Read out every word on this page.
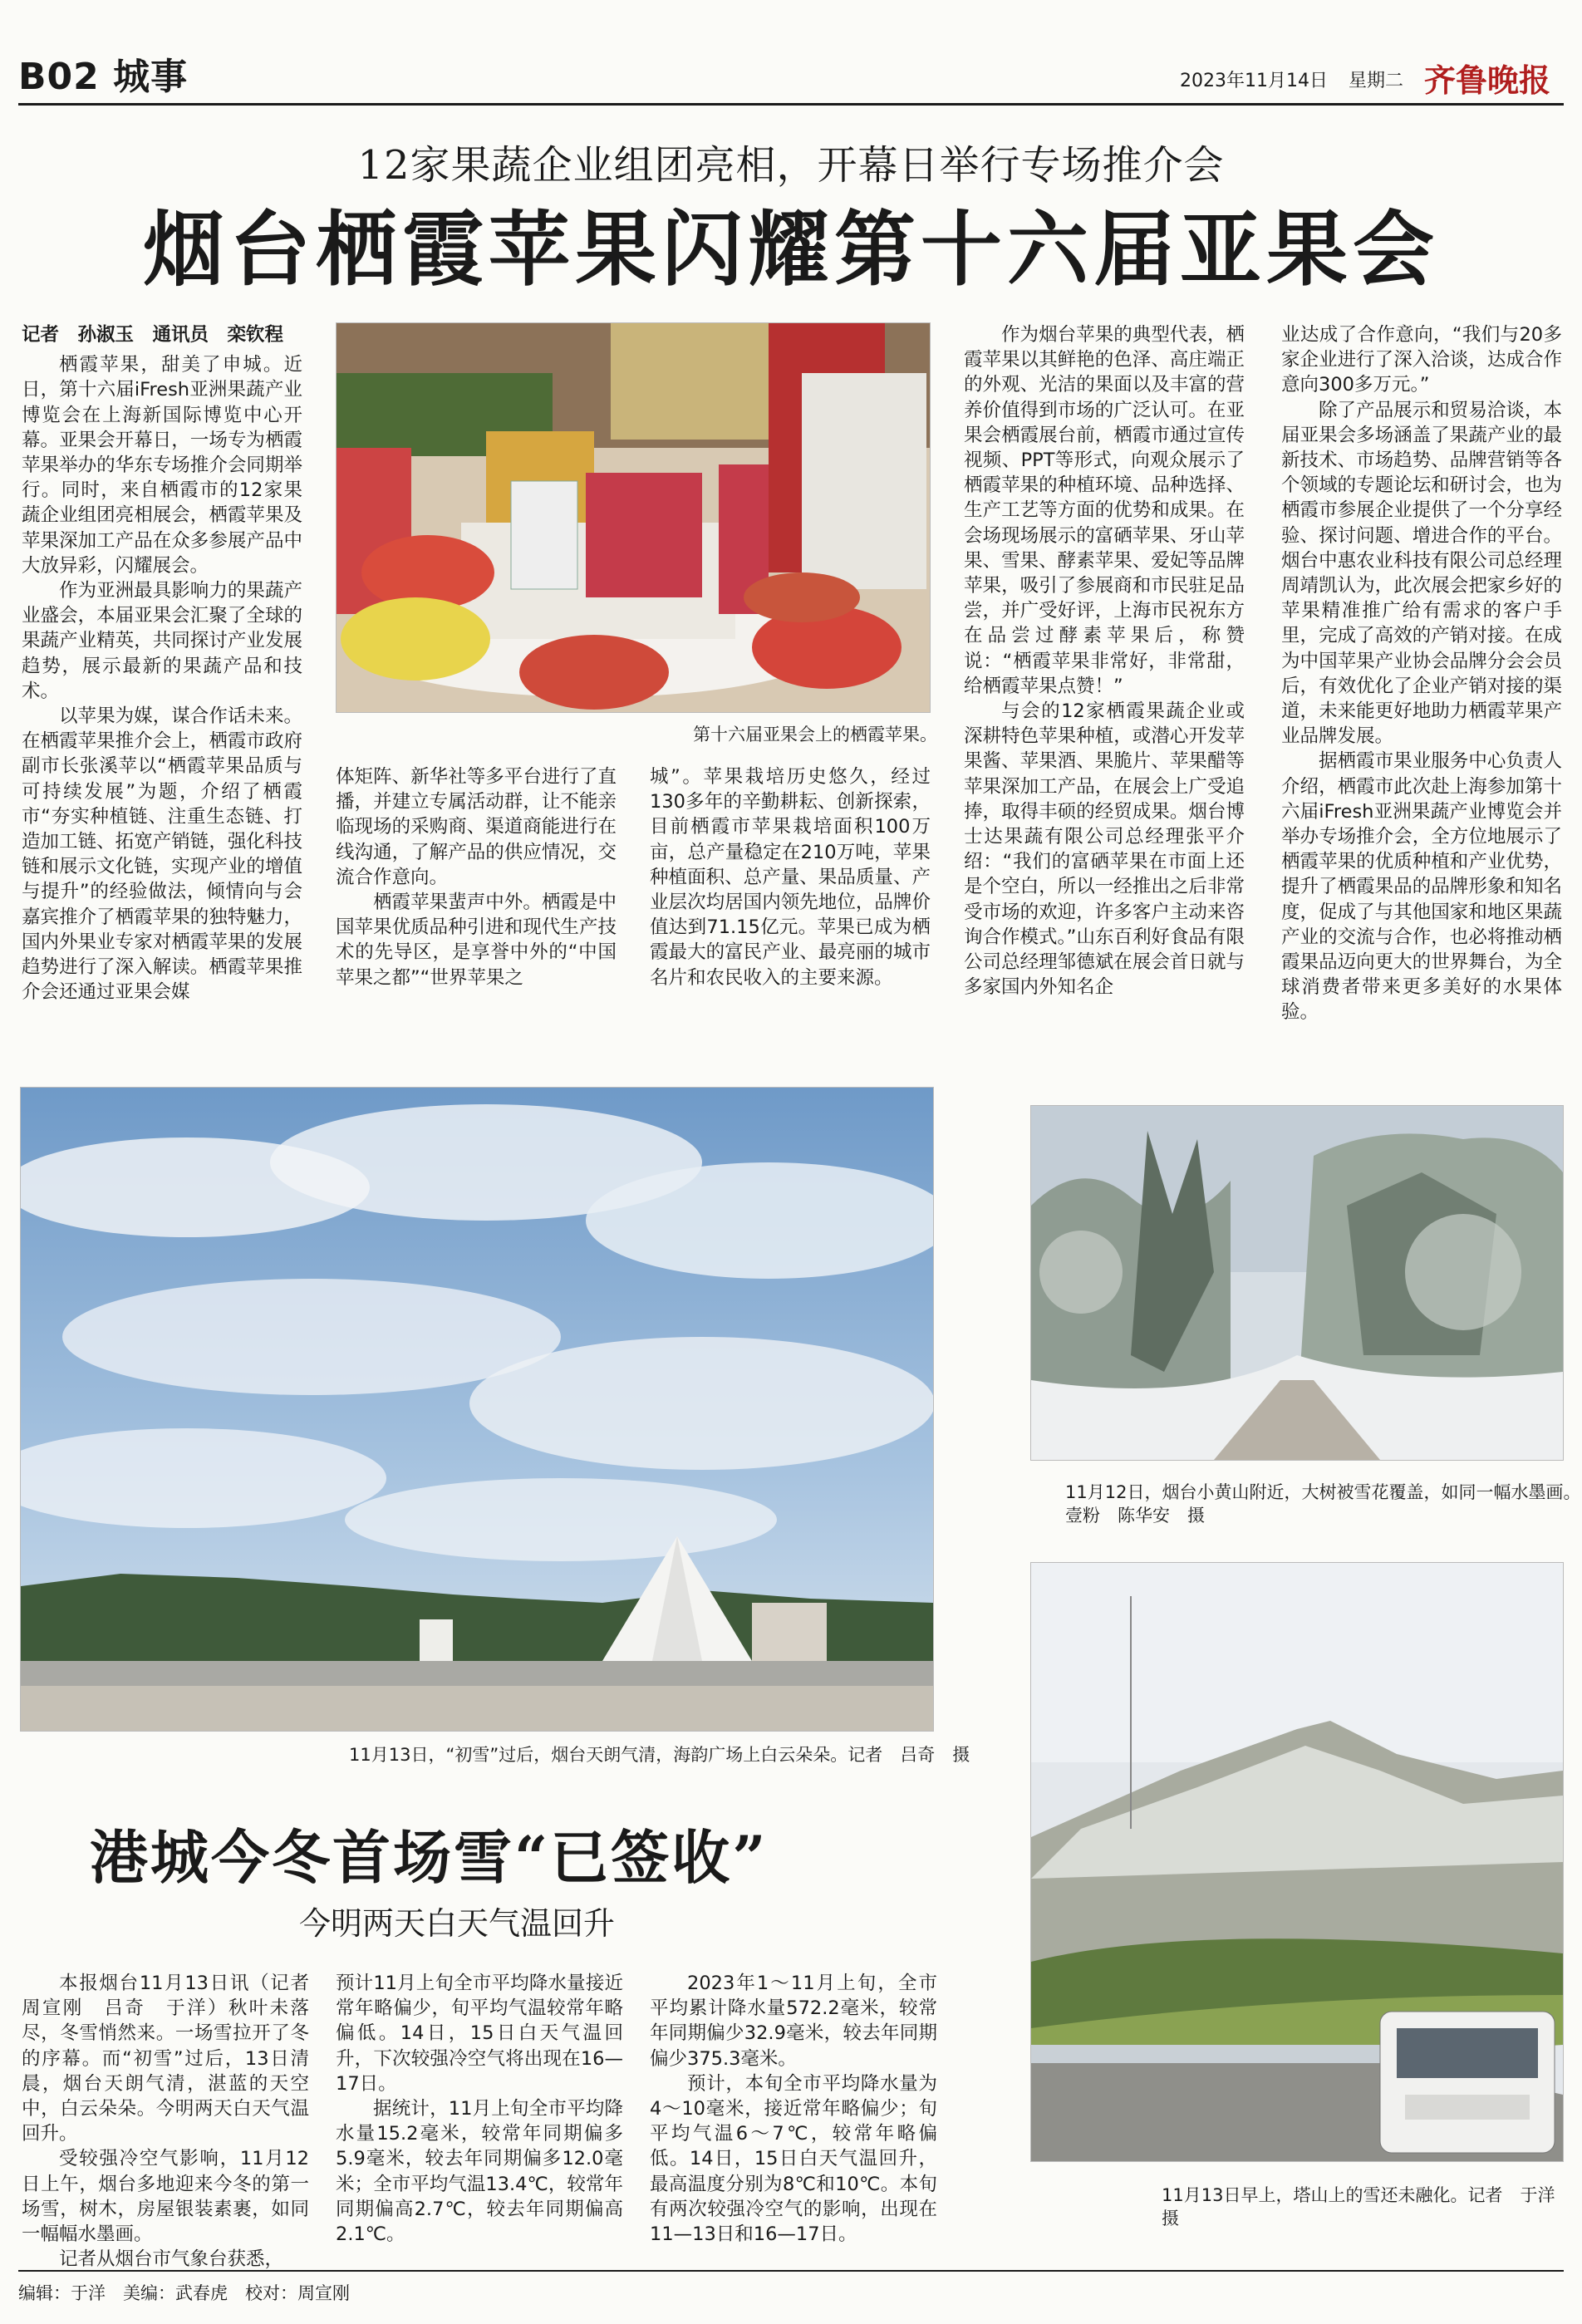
B02 城事	2023年11月14日 星期二 齐鲁晚报
12家果蔬企业组团亮相，开幕日举行专场推介会
烟台栖霞苹果闪耀第十六届亚果会

记者　孙淑玉　通讯员　栾钦程

栖霞苹果，甜美了申城。近日，第十六届iFresh亚洲果蔬产业博览会在上海新国际博览中心开幕。亚果会开幕日，一场专为栖霞苹果举办的华东专场推介会同期举行。同时，来自栖霞市的12家果蔬企业组团亮相展会，栖霞苹果及苹果深加工产品在众多参展产品中大放异彩，闪耀展会。

作为亚洲最具影响力的果蔬产业盛会，本届亚果会汇聚了全球的果蔬产业精英，共同探讨产业发展趋势，展示最新的果蔬产品和技术。

以苹果为媒，谋合作话未来。在栖霞苹果推介会上，栖霞市政府副市长张溪苹以“栖霞苹果品质与可持续发展”为题，介绍了栖霞市“夯实种植链、注重生态链、打造加工链、拓宽产销链，强化科技链和展示文化链，实现产业的增值与提升”的经验做法，倾情向与会嘉宾推介了栖霞苹果的独特魅力，国内外果业专家对栖霞苹果的发展趋势进行了深入解读。栖霞苹果推介会还通过亚果会媒

第十六届亚果会上的栖霞苹果。

体矩阵、新华社等多平台进行了直播，并建立专属活动群，让不能亲临现场的采购商、渠道商能进行在线沟通，了解产品的供应情况，交流合作意向。

栖霞苹果蜚声中外。栖霞是中国苹果优质品种引进和现代生产技术的先导区，是享誉中外的“中国苹果之都”“世界苹果之

城”。苹果栽培历史悠久，经过130多年的辛勤耕耘、创新探索，目前栖霞市苹果栽培面积100万亩，总产量稳定在210万吨，苹果种植面积、总产量、果品质量、产业层次均居国内领先地位，品牌价值达到71.15亿元。苹果已成为栖霞最大的富民产业、最亮丽的城市名片和农民收入的主要来源。

作为烟台苹果的典型代表，栖霞苹果以其鲜艳的色泽、高庄端正的外观、光洁的果面以及丰富的营养价值得到市场的广泛认可。在亚果会栖霞展台前，栖霞市通过宣传视频、PPT等形式，向观众展示了栖霞苹果的种植环境、品种选择、生产工艺等方面的优势和成果。在会场现场展示的富硒苹果、牙山苹果、雪果、酵素苹果、爱妃等品牌苹果，吸引了参展商和市民驻足品尝，并广受好评，上海市民祝东方在品尝过酵素苹果后，称赞说：“栖霞苹果非常好，非常甜，给栖霞苹果点赞！”

与会的12家栖霞果蔬企业或深耕特色苹果种植，或潜心开发苹果酱、苹果酒、果脆片、苹果醋等苹果深加工产品，在展会上广受追捧，取得丰硕的经贸成果。烟台博士达果蔬有限公司总经理张平介绍：“我们的富硒苹果在市面上还是个空白，所以一经推出之后非常受市场的欢迎，许多客户主动来咨询合作模式。”山东百利好食品有限公司总经理邹德斌在展会首日就与多家国内外知名企

业达成了合作意向，“我们与20多家企业进行了深入洽谈，达成合作意向300多万元。”

除了产品展示和贸易洽谈，本届亚果会多场涵盖了果蔬产业的最新技术、市场趋势、品牌营销等各个领域的专题论坛和研讨会，也为栖霞市参展企业提供了一个分享经验、探讨问题、增进合作的平台。烟台中惠农业科技有限公司总经理周靖凯认为，此次展会把家乡好的苹果精准推广给有需求的客户手里，完成了高效的产销对接。在成为中国苹果产业协会品牌分会会员后，有效优化了企业产销对接的渠道，未来能更好地助力栖霞苹果产业品牌发展。

据栖霞市果业服务中心负责人介绍，栖霞市此次赴上海参加第十六届iFresh亚洲果蔬产业博览会并举办专场推介会，全方位地展示了栖霞苹果的优质种植和产业优势，提升了栖霞果品的品牌形象和知名度，促成了与其他国家和地区果蔬产业的交流与合作，也必将推动栖霞果品迈向更大的世界舞台，为全球消费者带来更多美好的水果体验。

11月13日，“初雪”过后，烟台天朗气清，海韵广场上白云朵朵。记者　吕奇　摄
11月12日，烟台小黄山附近，大树被雪花覆盖，如同一幅水墨画。
壹粉　陈华安　摄
11月13日早上，塔山上的雪还未融化。记者　于洋　摄
港城今冬首场雪“已签收”
今明两天白天气温回升

本报烟台11月13日讯（记者周宣刚　吕奇　于洋）秋叶未落尽，冬雪悄然来。一场雪拉开了冬的序幕。而“初雪”过后，13日清晨，烟台天朗气清，湛蓝的天空中，白云朵朵。今明两天白天气温回升。

受较强冷空气影响，11月12日上午，烟台多地迎来今冬的第一场雪，树木，房屋银装素裹，如同一幅幅水墨画。

记者从烟台市气象台获悉，

预计11月上旬全市平均降水量接近常年略偏少，旬平均气温较常年略偏低。14日，15日白天气温回升，下次较强冷空气将出现在16—17日。

据统计，11月上旬全市平均降水量15.2毫米，较常年同期偏多5.9毫米，较去年同期偏多12.0毫米；全市平均气温13.4℃，较常年同期偏高2.7℃，较去年同期偏高2.1℃。

2023年1～11月上旬，全市平均累计降水量572.2毫米，较常年同期偏少32.9毫米，较去年同期偏少375.3毫米。

预计，本旬全市平均降水量为4～10毫米，接近常年略偏少；旬平均气温6～7℃，较常年略偏低。14日，15日白天气温回升，最高温度分别为8℃和10℃。本旬有两次较强冷空气的影响，出现在11—13日和16—17日。

编辑：于洋　美编：武春虎　校对：周宣刚
